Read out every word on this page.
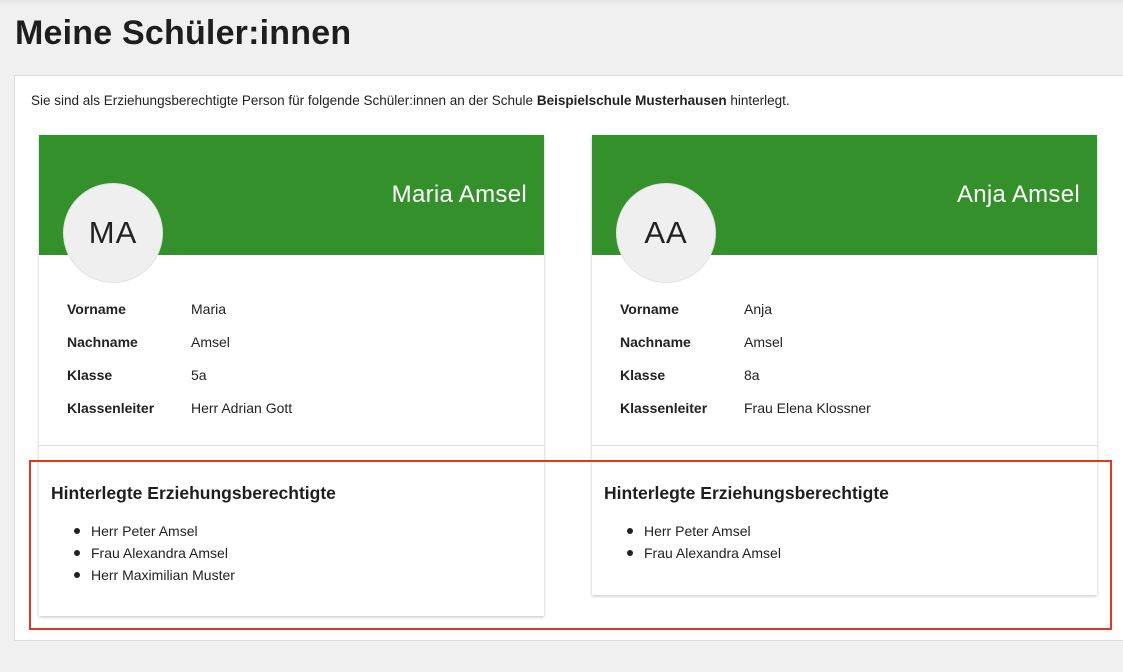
Meine Schüler:innen
Sie sind als Erziehungsberechtigte Person für folgende Schüler:innen an der Schule Beispielschule Musterhausen hinterlegt.
Maria Amsel
MA
Vorname	Maria
Nachname	Amsel
Klasse	5a
Klassenleiter	Herr Adrian Gott
Hinterlegte Erziehungsberechtigte
Herr Peter Amsel
Frau Alexandra Amsel
Herr Maximilian Muster
Anja Amsel
AA
Vorname	Anja
Nachname	Amsel
Klasse	8a
Klassenleiter	Frau Elena Klossner
Hinterlegte Erziehungsberechtigte
Herr Peter Amsel
Frau Alexandra Amsel
